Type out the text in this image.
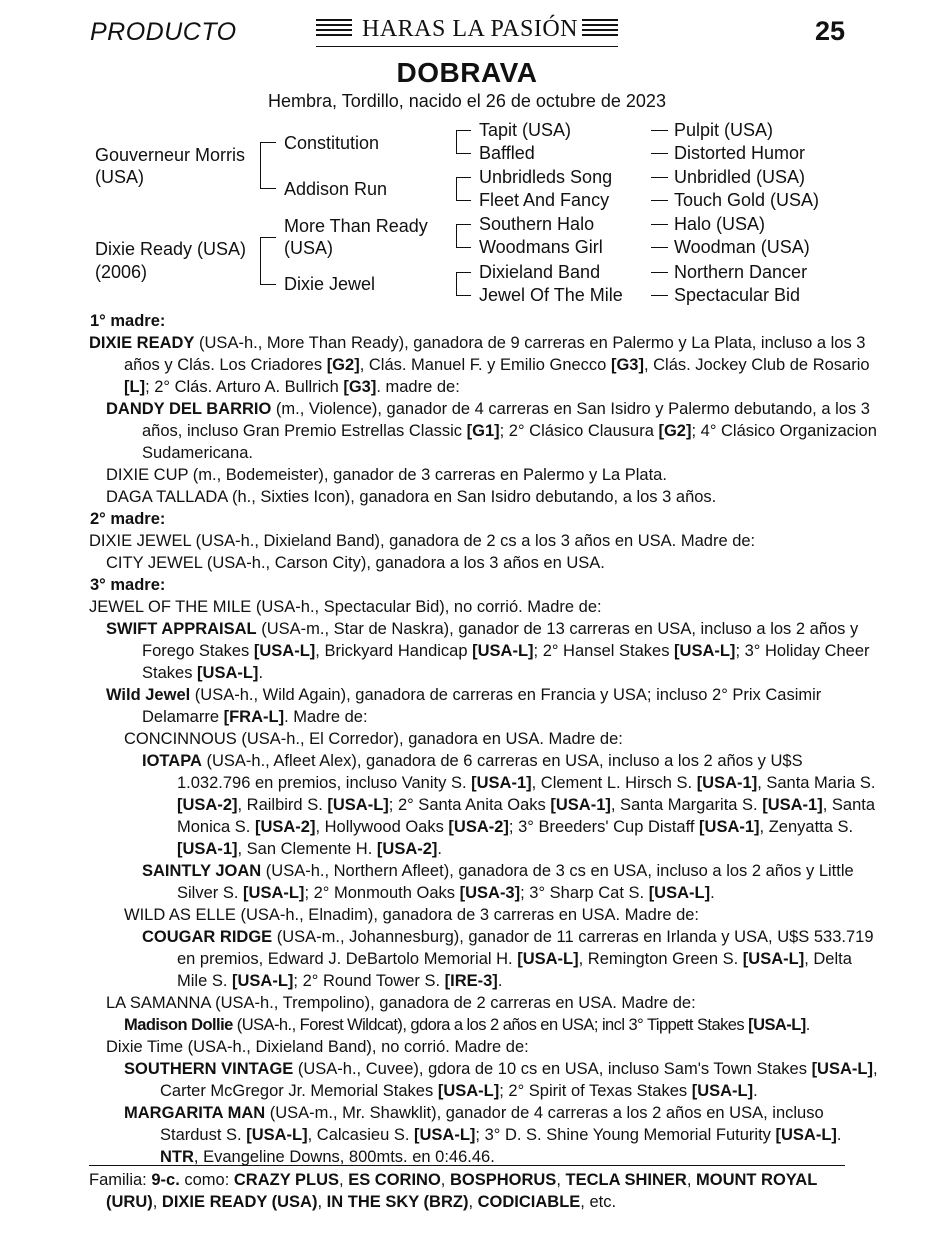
PRODUCTO	HARAS LA PASIÓN	25
DOBRAVA
Hembra, Tordillo, nacido el 26 de octubre de 2023
Gouverneur Morris
(USA)
Dixie Ready (USA)
(2006)
Constitution
Addison Run
More Than Ready
(USA)
Dixie Jewel
Tapit (USA)
Baffled
Unbridleds Song
Fleet And Fancy
Southern Halo
Woodmans Girl
Dixieland Band
Jewel Of The Mile
Pulpit (USA)
Distorted Humor
Unbridled (USA)
Touch Gold (USA)
Halo (USA)
Woodman (USA)
Northern Dancer
Spectacular Bid

1° madre:

DIXIE READY (USA-h., More Than Ready), ganadora de 9 carreras en Palermo y La Plata, incluso a los 3 años y Clás. Los Criadores [G2], Clás. Manuel F. y Emilio Gnecco [G3], Clás. Jockey Club de Rosario [L]; 2° Clás. Arturo A. Bullrich [G3]. madre de:

DANDY DEL BARRIO (m., Violence), ganador de 4 carreras en San Isidro y Palermo debutando, a los 3 años, incluso Gran Premio Estrellas Classic [G1]; 2° Clásico Clausura [G2]; 4° Clásico Organizacion Sudamericana.

DIXIE CUP (m., Bodemeister), ganador de 3 carreras en Palermo y La Plata.

DAGA TALLADA (h., Sixties Icon), ganadora en San Isidro debutando, a los 3 años.

2° madre:

DIXIE JEWEL (USA-h., Dixieland Band), ganadora de 2 cs a los 3 años en USA. Madre de:

CITY JEWEL (USA-h., Carson City), ganadora a los 3 años en USA.

3° madre:

JEWEL OF THE MILE (USA-h., Spectacular Bid), no corrió. Madre de:

SWIFT APPRAISAL (USA-m., Star de Naskra), ganador de 13 carreras en USA, incluso a los 2 años y Forego Stakes [USA-L], Brickyard Handicap [USA-L]; 2° Hansel Stakes [USA-L]; 3° Holiday Cheer Stakes [USA-L].

Wild Jewel (USA-h., Wild Again), ganadora de carreras en Francia y USA; incluso 2° Prix Casimir Delamarre [FRA-L]. Madre de:

CONCINNOUS (USA-h., El Corredor), ganadora en USA. Madre de:

IOTAPA (USA-h., Afleet Alex), ganadora de 6 carreras en USA, incluso a los 2 años y U$S 1.032.796 en premios, incluso Vanity S. [USA-1], Clement L. Hirsch S. [USA-1], Santa Maria S. [USA-2], Railbird S. [USA-L]; 2° Santa Anita Oaks [USA-1], Santa Margarita S. [USA-1], Santa Monica S. [USA-2], Hollywood Oaks [USA-2]; 3° Breeders' Cup Distaff [USA-1], Zenyatta S. [USA-1], San Clemente H. [USA-2].

SAINTLY JOAN (USA-h., Northern Afleet), ganadora de 3 cs en USA, incluso a los 2 años y Little Silver S. [USA-L]; 2° Monmouth Oaks [USA-3]; 3° Sharp Cat S. [USA-L].

WILD AS ELLE (USA-h., Elnadim), ganadora de 3 carreras en USA. Madre de:

COUGAR RIDGE (USA-m., Johannesburg), ganador de 11 carreras en Irlanda y USA, U$S 533.719 en premios, Edward J. DeBartolo Memorial H. [USA-L], Remington Green S. [USA-L], Delta Mile S. [USA-L]; 2° Round Tower S. [IRE-3].

LA SAMANNA (USA-h., Trempolino), ganadora de 2 carreras en USA. Madre de:

Madison Dollie (USA-h., Forest Wildcat), gdora a los 2 años en USA; incl 3° Tippett Stakes [USA-L].

Dixie Time (USA-h., Dixieland Band), no corrió. Madre de:

SOUTHERN VINTAGE (USA-h., Cuvee), gdora de 10 cs en USA, incluso Sam's Town Stakes [USA-L], Carter McGregor Jr. Memorial Stakes [USA-L]; 2° Spirit of Texas Stakes [USA-L].

MARGARITA MAN (USA-m., Mr. Shawklit), ganador de 4 carreras a los 2 años en USA, incluso Stardust S. [USA-L], Calcasieu S. [USA-L]; 3° D. S. Shine Young Memorial Futurity [USA-L]. NTR, Evangeline Downs, 800mts. en 0:46.46.

Familia: 9-c. como: CRAZY PLUS, ES CORINO, BOSPHORUS, TECLA SHINER, MOUNT ROYAL (URU), DIXIE READY (USA), IN THE SKY (BRZ), CODICIABLE, etc.
